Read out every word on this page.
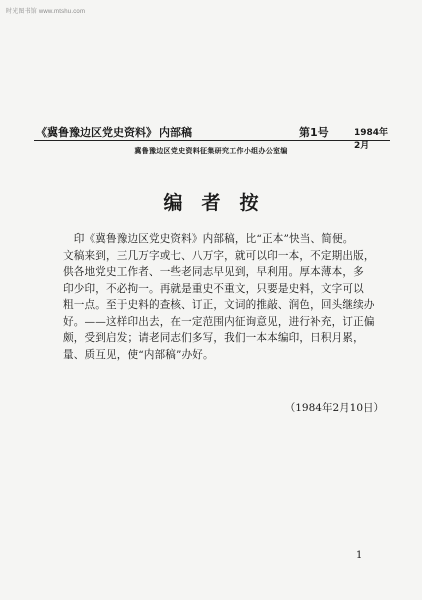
时光图书馆 www.mtshu.com
《冀鲁豫边区党史资料》 内部稿	第1号	1984年2月
冀鲁豫边区党史资料征集研究工作小组办公室编
编者按
　印《冀鲁豫边区党史资料》内部稿，比“正本”快当、简便。
文稿来到，三几万字或七、八万字，就可以印一本，不定期出版，
供各地党史工作者、一些老同志早见到，早利用。厚本薄本，多
印少印，不必拘一。再就是重史不重文，只要是史料，文字可以
粗一点。至于史料的查核、订正，文词的推敲、润色，回头继续办
好。——这样印出去，在一定范围内征询意见，进行补充，订正偏
颇，受到启发；请老同志们多写，我们一本本编印，日积月累，
量、质互见，使“内部稿”办好。
（1984年2月10日）
1
